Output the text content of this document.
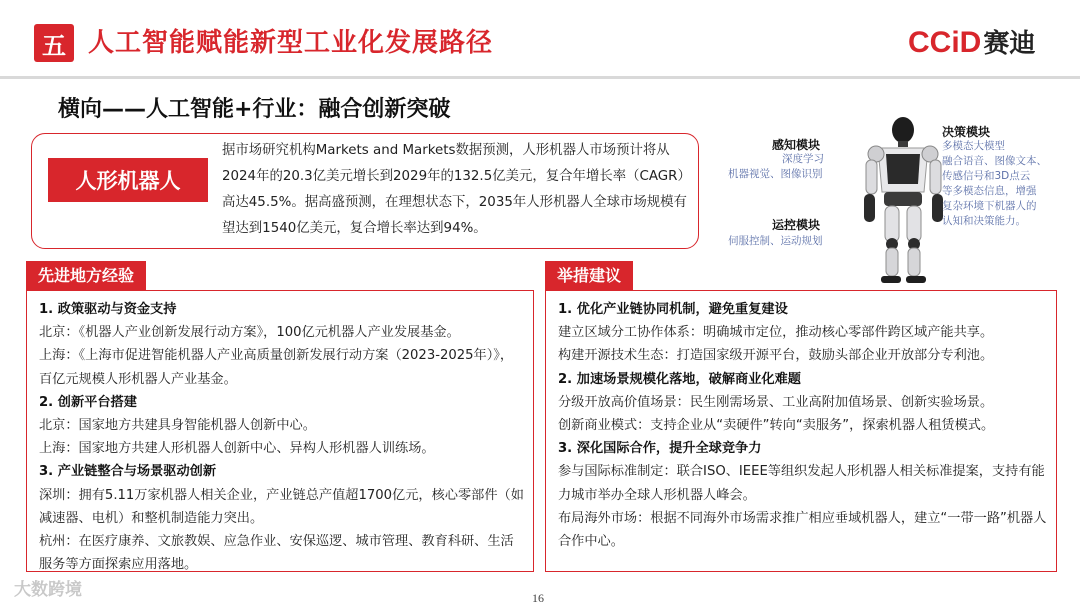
五 人工智能赋能新型工业化发展路径	CCiD赛迪
横向——人工智能+行业：融合创新突破
人形机器人
据市场研究机构Markets and Markets数据预测，人形机器人市场预计将从2024年的20.3亿美元增长到2029年的132.5亿美元，复合年增长率（CAGR）高达45.5%。据高盛预测，在理想状态下，2035年人形机器人全球市场规模有望达到1540亿美元，复合增长率达到94%。
感知模块
深度学习
机器视觉、图像识别
决策模块
多模态大模型
融合语音、图像文本、
传感信号和3D点云
等多模态信息，增强
复杂环境下机器人的
认知和决策能力。
运控模块
伺服控制、运动规划
先进地方经验
1. 政策驱动与资金支持
北京：《机器人产业创新发展行动方案》，100亿元机器人产业发展基金。
上海：《上海市促进智能机器人产业高质量创新发展行动方案（2023-2025年）》，百亿元规模人形机器人产业基金。
2. 创新平台搭建
北京：国家地方共建具身智能机器人创新中心。
上海：国家地方共建人形机器人创新中心、异构人形机器人训练场。
3. 产业链整合与场景驱动创新
深圳：拥有5.11万家机器人相关企业，产业链总产值超1700亿元，核心零部件（如减速器、电机）和整机制造能力突出。
杭州：在医疗康养、文旅教娱、应急作业、安保巡逻、城市管理、教育科研、生活服务等方面探索应用落地。
举措建议
1. 优化产业链协同机制，避免重复建设
建立区域分工协作体系：明确城市定位，推动核心零部件跨区域产能共享。
构建开源技术生态：打造国家级开源平台，鼓励头部企业开放部分专利池。
2. 加速场景规模化落地，破解商业化难题
分级开放高价值场景：民生刚需场景、工业高附加值场景、创新实验场景。
创新商业模式：支持企业从“卖硬件”转向“卖服务”，探索机器人租赁模式。
3. 深化国际合作，提升全球竞争力
参与国际标准制定：联合ISO、IEEE等组织发起人形机器人相关标准提案，支持有能力城市举办全球人形机器人峰会。
布局海外市场：根据不同海外市场需求推广相应垂域机器人，建立“一带一路”机器人合作中心。
大数跨境	16
